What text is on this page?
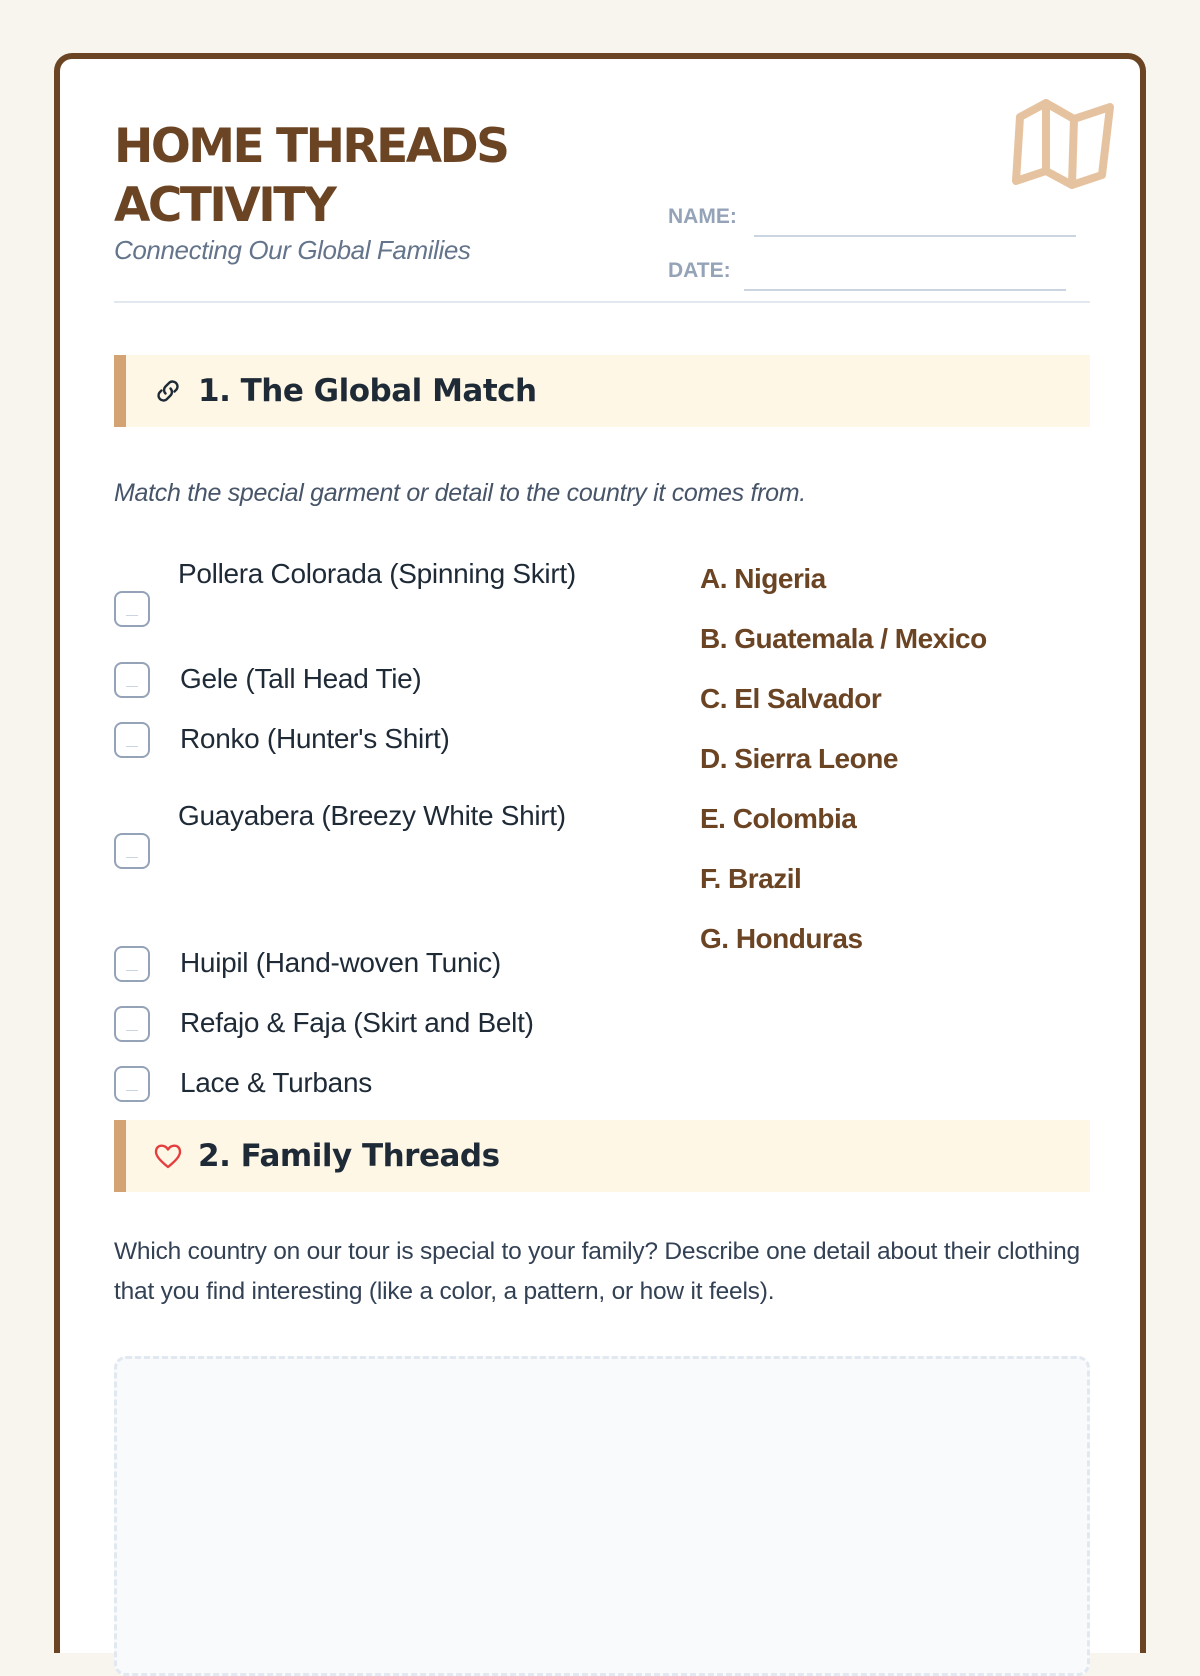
HOME THREADS ACTIVITY
Connecting Our Global Families
NAME:
DATE:
1. The Global Match
Match the special garment or detail to the country it comes from.
Pollera Colorada (Spinning Skirt)
Gele (Tall Head Tie)
Ronko (Hunter's Shirt)
Guayabera (Breezy White Shirt)
Huipil (Hand-woven Tunic)
Refajo & Faja (Skirt and Belt)
Lace & Turbans
A. Nigeria
B. Guatemala / Mexico
C. El Salvador
D. Sierra Leone
E. Colombia
F. Brazil
G. Honduras
2. Family Threads
Which country on our tour is special to your family? Describe one detail about their clothing that you find interesting (like a color, a pattern, or how it feels).
